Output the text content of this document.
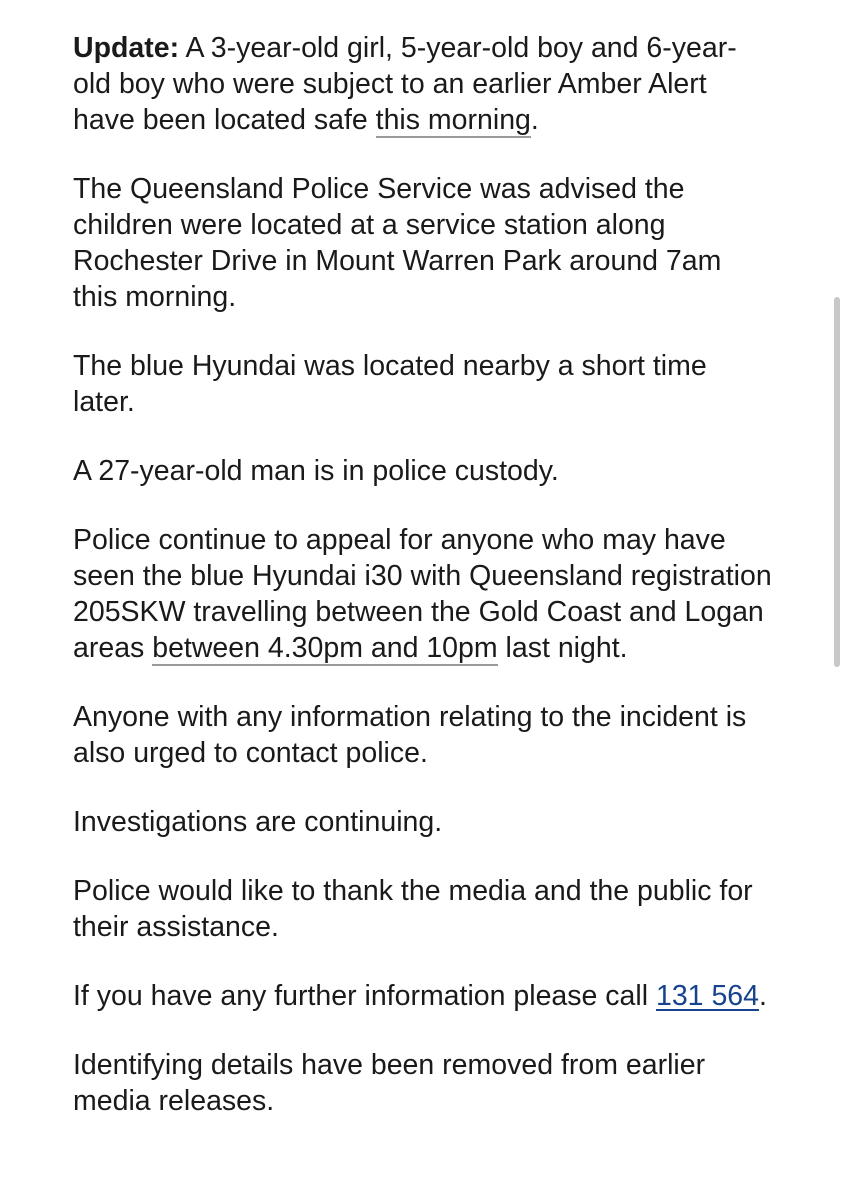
Update: A 3-year-old girl, 5-year-old boy and 6-year-old boy who were subject to an earlier Amber Alert have been located safe this morning.

The Queensland Police Service was advised the children were located at a service station along Rochester Drive in Mount Warren Park around 7am this morning.

The blue Hyundai was located nearby a short time later.

A 27-year-old man is in police custody.

Police continue to appeal for anyone who may have seen the blue Hyundai i30 with Queensland registration 205SKW travelling between the Gold Coast and Logan areas between 4.30pm and 10pm last night.

Anyone with any information relating to the incident is also urged to contact police.

Investigations are continuing.

Police would like to thank the media and the public for their assistance.

If you have any further information please call 131 564.

Identifying details have been removed from earlier media releases.
